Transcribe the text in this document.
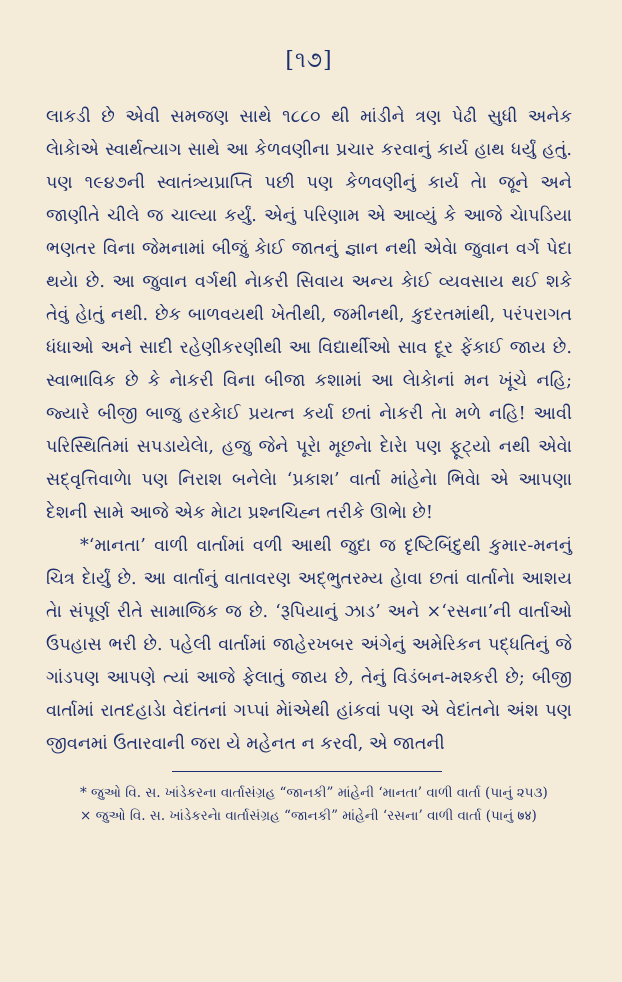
[૧૭]

લાકડી છે એવી સમજણ સાથે ૧૮૮૦ થી માંડીને ત્રણ પેઢી સુધી અનેક લેાકેાએ સ્વાર્થત્યાગ સાથે આ કેળવણીના પ્રચાર કરવાનું કાર્ય હાથ ધર્યું હતું. પણ ૧૯૪૭ની સ્વાતંત્ર્યપ્રાપ્તિ પછી પણ કેળવણીનું કાર્ય તેા જૂને અને જાણીતે ચીલે જ ચાલ્યા કર્યું. એનું પરિણામ એ આવ્યું કે આજે ચેાપડિયા ભણતર વિના જેમનામાં બીજું કેાઈ જાતનું જ્ઞાન નથી એવેા જુવાન વર્ગ પેદા થયેા છે. આ જુવાન વર્ગથી નેાકરી સિવાય અન્ય કેાઈ વ્યવસાય થઈ શકે તેવું હેાતું નથી. છેક બાળવયથી ખેતીથી, જમીનથી, કુદરતમાંથી, પરંપરાગત ધંધાઓ અને સાદી રહેણીકરણીથી આ વિદ્યાર્થીઓ સાવ દૂર ફેંકાઈ જાય છે. સ્વાભાવિક છે કે નેાકરી વિના બીજા કશામાં આ લેાકેાનાં મન ખૂંચે નહિ; જ્યારે બીજી બાજુ હરકેાઈ પ્રયત્ન કર્યા છતાં નેાકરી તેા મળે નહિ! આવી પરિસ્થિતિમાં સપડાયેલેા, હજુ જેને પૂરેા મૂછનેા દેારેા પણ ફૂટ્યો નથી એવેા સદ્‌વૃત્તિવાળેા પણ નિરાશ બનેલેા ‘પ્રકાશ’ વાર્તા માંહેનેા ભિવેા એ આપણા દેશની સામે આજે એક મેાટા પ્રશ્નચિહ્ન તરીકે ઊભેા છે!

*‘માનતા’ વાળી વાર્તામાં વળી આથી જુદા જ દૃષ્ટિબિંદુથી કુમાર-મનનું ચિત્ર દેાર્યું છે. આ વાર્તાનું વાતાવરણ અદ્‌ભુતરમ્ય હેાવા છતાં વાર્તાનેા આશય તેા સંપૂર્ણ રીતે સામાજિક જ છે. ‘રૂપિયાનું ઝાડ’ અને ×‘રસના’ની વાર્તાઓ ઉપહાસ ભરી છે. પહેલી વાર્તામાં જાહેરખબર અંગેનું અમેરિકન પદ્ધતિનું જે ગાંડપણ આપણે ત્યાં આજે ફેલાતું જાય છે, તેનું વિડંબન-મશ્કરી છે; બીજી વાર્તામાં રાતદહાડેા વેદાંતનાં ગપ્પાં મેાંએથી હાંકવાં પણ એ વેદાંતનેા અંશ પણ જીવનમાં ઉતારવાની જરા યે મહેનત ન કરવી, એ જાતની

* જુઓ વિ. સ. ખાંડેકરના વાર્તાસંગ્રહ “જાનકી” માંહેની ‘માનતા’ વાળી વાર્તા (પાનું ૨૫૩)

× જુઓ વિ. સ. ખાંડેકરનેા વાર્તાસંગ્રહ “જાનકી” માંહેની ‘રસના’ વાળી વાર્તા (પાનું ७४)
